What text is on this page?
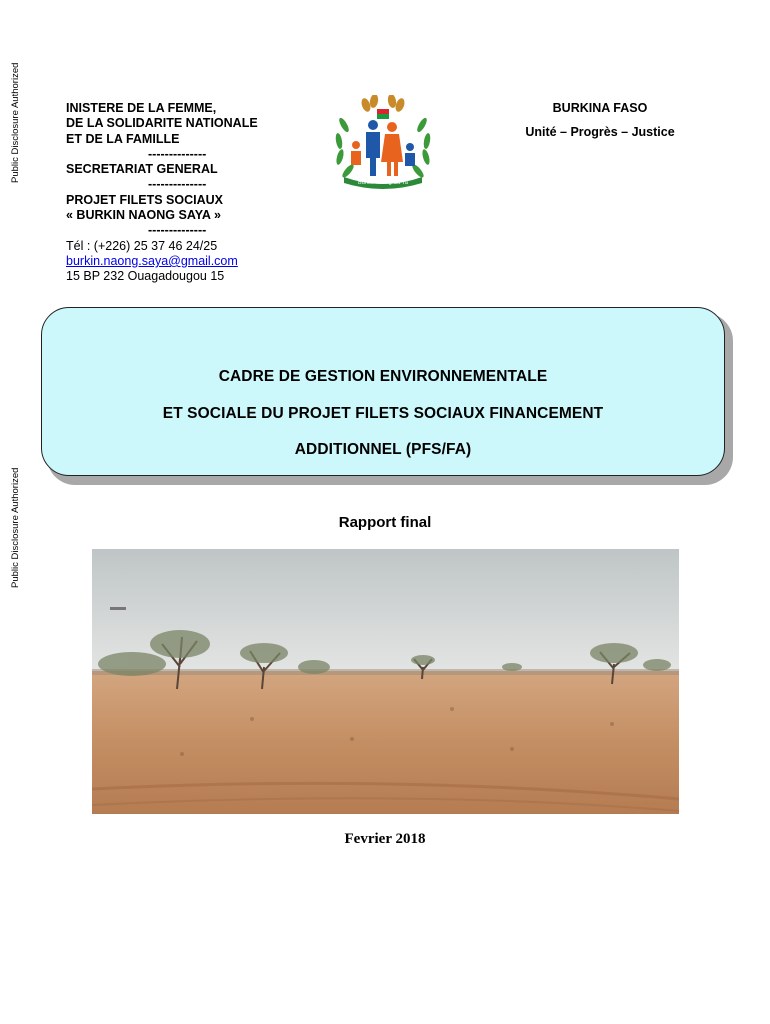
Public Disclosure Authorized
Public Disclosure Authorized
INISTERE DE LA FEMME,
DE LA SOLIDARITE NATIONALE
ET DE LA FAMILLE
--------------
SECRETARIAT GENERAL
--------------
PROJET FILETS SOCIAUX
« BURKIN NAONG SAYA »
--------------
Tél : (+226) 25 37 46 24/25
burkin.naong.saya@gmail.com
15 BP 232 Ouagadougou 15
Burkin-Naong-Sa Ya
BURKINA FASO
Unité – Progrès – Justice
CADRE DE GESTION ENVIRONNEMENTALE
ET SOCIALE DU PROJET FILETS SOCIAUX FINANCEMENT
ADDITIONNEL (PFS/FA)
Rapport final
Fevrier 2018
